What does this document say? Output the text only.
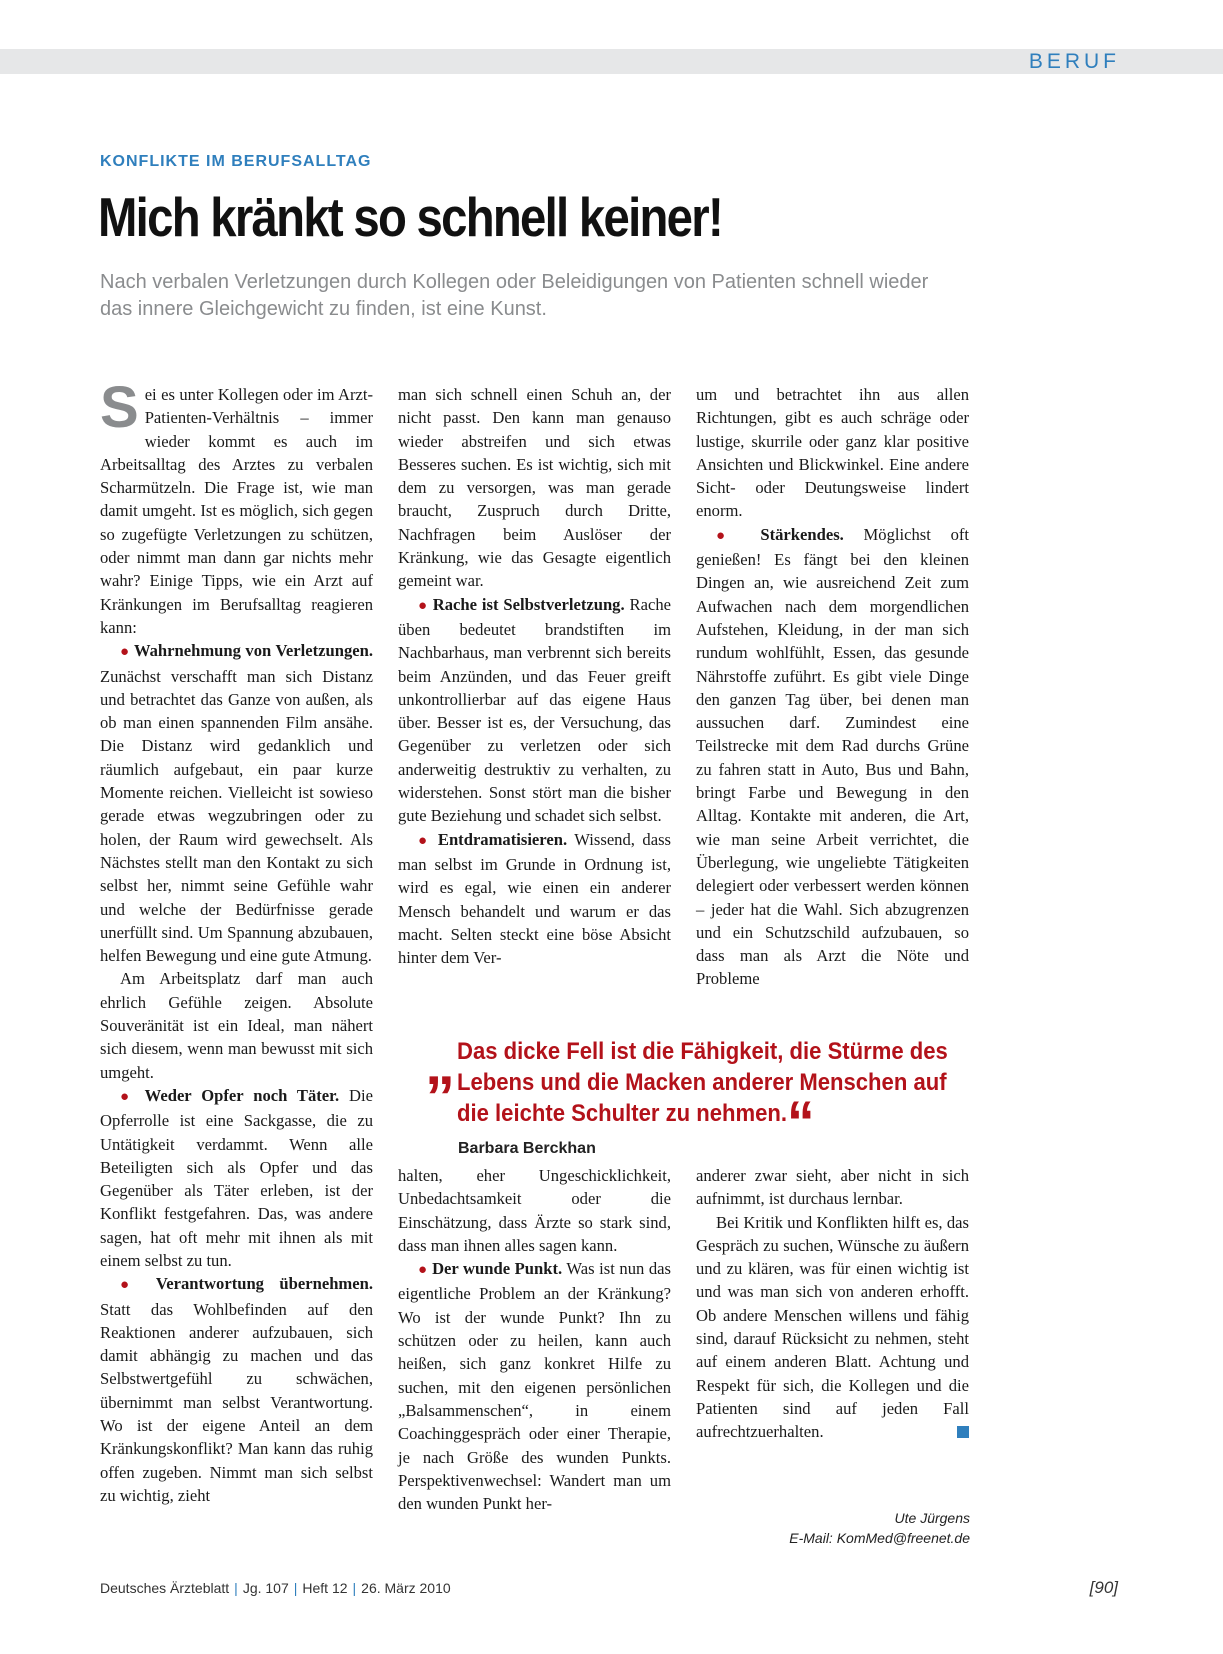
BERUF
KONFLIKTE IM BERUFSALLTAG
Mich kränkt so schnell keiner!

Nach verbalen Verletzungen durch Kollegen oder Beleidigungen von Patienten schnell wieder das innere Gleichgewicht zu finden, ist eine Kunst.

Sei es unter Kollegen oder im Arzt-Patienten-Verhältnis – immer wieder kommt es auch im Arbeitsalltag des Arztes zu verbalen Scharmützeln. Die Frage ist, wie man damit umgeht. Ist es möglich, sich gegen so zugefügte Verletzungen zu schützen, oder nimmt man dann gar nichts mehr wahr? Einige Tipps, wie ein Arzt auf Kränkungen im Berufsalltag reagieren kann:

● Wahrnehmung von Verletzungen. Zunächst verschafft man sich Distanz und betrachtet das Ganze von außen, als ob man einen spannenden Film ansähe. Die Distanz wird gedanklich und räumlich aufgebaut, ein paar kurze Momente reichen. Vielleicht ist sowieso gerade etwas wegzubringen oder zu holen, der Raum wird gewechselt. Als Nächstes stellt man den Kontakt zu sich selbst her, nimmt seine Gefühle wahr und welche der Bedürfnisse gerade unerfüllt sind. Um Spannung abzubauen, helfen Bewegung und eine gute Atmung.

Am Arbeitsplatz darf man auch ehrlich Gefühle zeigen. Absolute Souveränität ist ein Ideal, man nähert sich diesem, wenn man bewusst mit sich umgeht.

● Weder Opfer noch Täter. Die Opferrolle ist eine Sackgasse, die zu Untätigkeit verdammt. Wenn alle Beteiligten sich als Opfer und das Gegenüber als Täter erleben, ist der Konflikt festgefahren. Das, was andere sagen, hat oft mehr mit ihnen als mit einem selbst zu tun.

● Verantwortung übernehmen. Statt das Wohlbefinden auf den Reaktionen anderer aufzubauen, sich damit abhängig zu machen und das Selbstwertgefühl zu schwächen, übernimmt man selbst Verantwortung. Wo ist der eigene Anteil an dem Kränkungskonflikt? Man kann das ruhig offen zugeben. Nimmt man sich selbst zu wichtig, zieht

man sich schnell einen Schuh an, der nicht passt. Den kann man genauso wieder abstreifen und sich etwas Besseres suchen. Es ist wichtig, sich mit dem zu versorgen, was man gerade braucht, Zuspruch durch Dritte, Nachfragen beim Auslöser der Kränkung, wie das Gesagte eigentlich gemeint war.

● Rache ist Selbstverletzung. Rache üben bedeutet brandstiften im Nachbarhaus, man verbrennt sich bereits beim Anzünden, und das Feuer greift unkontrollierbar auf das eigene Haus über. Besser ist es, der Versuchung, das Gegenüber zu verletzen oder sich anderweitig destruktiv zu verhalten, zu widerstehen. Sonst stört man die bisher gute Beziehung und schadet sich selbst.

● Entdramatisieren. Wissend, dass man selbst im Grunde in Ordnung ist, wird es egal, wie einen ein anderer Mensch behandelt und warum er das macht. Selten steckt eine böse Absicht hinter dem Ver-

um und betrachtet ihn aus allen Richtungen, gibt es auch schräge oder lustige, skurrile oder ganz klar positive Ansichten und Blickwinkel. Eine andere Sicht- oder Deutungsweise lindert enorm.

● Stärkendes. Möglichst oft genießen! Es fängt bei den kleinen Dingen an, wie ausreichend Zeit zum Aufwachen nach dem morgendlichen Aufstehen, Kleidung, in der man sich rundum wohlfühlt, Essen, das gesunde Nährstoffe zuführt. Es gibt viele Dinge den ganzen Tag über, bei denen man aussuchen darf. Zumindest eine Teilstrecke mit dem Rad durchs Grüne zu fahren statt in Auto, Bus und Bahn, bringt Farbe und Bewegung in den Alltag. Kontakte mit anderen, die Art, wie man seine Arbeit verrichtet, die Überlegung, wie ungeliebte Tätigkeiten delegiert oder verbessert werden können – jeder hat die Wahl. Sich abzugrenzen und ein Schutzschild aufzubauen, so dass man als Arzt die Nöte und Probleme

„ Das dicke Fell ist die Fähigkeit, die Stürme des Lebens und die Macken anderer Menschen auf die leichte Schulter zu nehmen.“

Barbara Berckhan

halten, eher Ungeschicklichkeit, Unbedachtsamkeit oder die Einschätzung, dass Ärzte so stark sind, dass man ihnen alles sagen kann.

● Der wunde Punkt. Was ist nun das eigentliche Problem an der Kränkung? Wo ist der wunde Punkt? Ihn zu schützen oder zu heilen, kann auch heißen, sich ganz konkret Hilfe zu suchen, mit den eigenen persönlichen „Balsammenschen“, in einem Coachinggespräch oder einer Therapie, je nach Größe des wunden Punkts. Perspektivenwechsel: Wandert man um den wunden Punkt her-

anderer zwar sieht, aber nicht in sich aufnimmt, ist durchaus lernbar.

Bei Kritik und Konflikten hilft es, das Gespräch zu suchen, Wünsche zu äußern und zu klären, was für einen wichtig ist und was man sich von anderen erhofft. Ob andere Menschen willens und fähig sind, darauf Rücksicht zu nehmen, steht auf einem anderen Blatt. Achtung und Respekt für sich, die Kollegen und die Patienten sind auf jeden Fall aufrechtzuerhalten.

Ute Jürgens
E-Mail: KomMed@freenet.de
Deutsches Ärzteblatt | Jg. 107 | Heft 12 | 26. März 2010	[90]
